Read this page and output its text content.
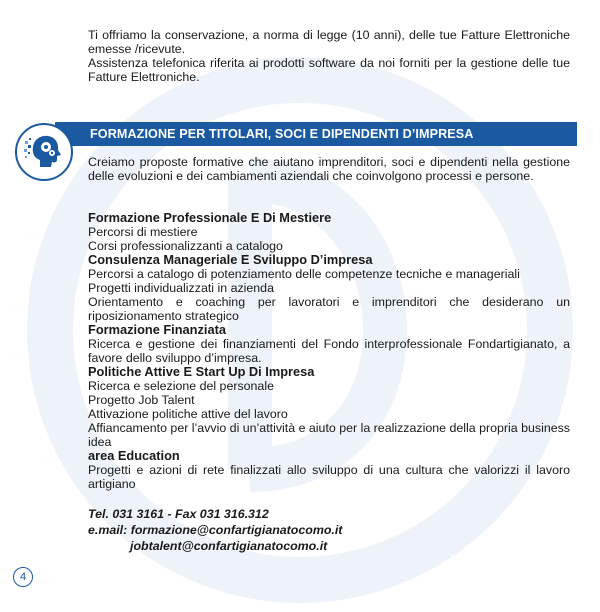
Ti offriamo la conservazione, a norma di legge (10 anni), delle tue Fatture Elettroniche emesse /ricevute.
Assistenza telefonica riferita ai prodotti software da noi forniti per la gestione delle tue Fatture Elettroniche.
FORMAZIONE PER TITOLARI, SOCI E DIPENDENTI D’IMPRESA
Creiamo proposte formative che aiutano imprenditori, soci e dipendenti nella gestione delle evoluzioni e dei cambiamenti aziendali che coinvolgono processi e persone.
Formazione Professionale E Di Mestiere
Percorsi di mestiere
Corsi professionalizzanti a catalogo
Consulenza Manageriale E Sviluppo D’impresa
Percorsi a catalogo di potenziamento delle competenze tecniche e manageriali
Progetti individualizzati in azienda
Orientamento e coaching per lavoratori e imprenditori che desiderano un riposizionamento strategico
Formazione Finanziata
Ricerca e gestione dei finanziamenti del Fondo interprofessionale Fondartigianato, a favore dello sviluppo d’impresa.
Politiche Attive E Start Up Di Impresa
Ricerca e selezione del personale
Progetto Job Talent
Attivazione politiche attive del lavoro
Affiancamento per l’avvio di un’attività e aiuto per la realizzazione della propria business idea
area Education
Progetti e azioni di rete finalizzati allo sviluppo di una cultura che valorizzi il lavoro artigiano
Tel. 031 3161 - Fax 031 316.312
e.mail: formazione@confartigianatocomo.it
jobtalent@confartigianatocomo.it
4
